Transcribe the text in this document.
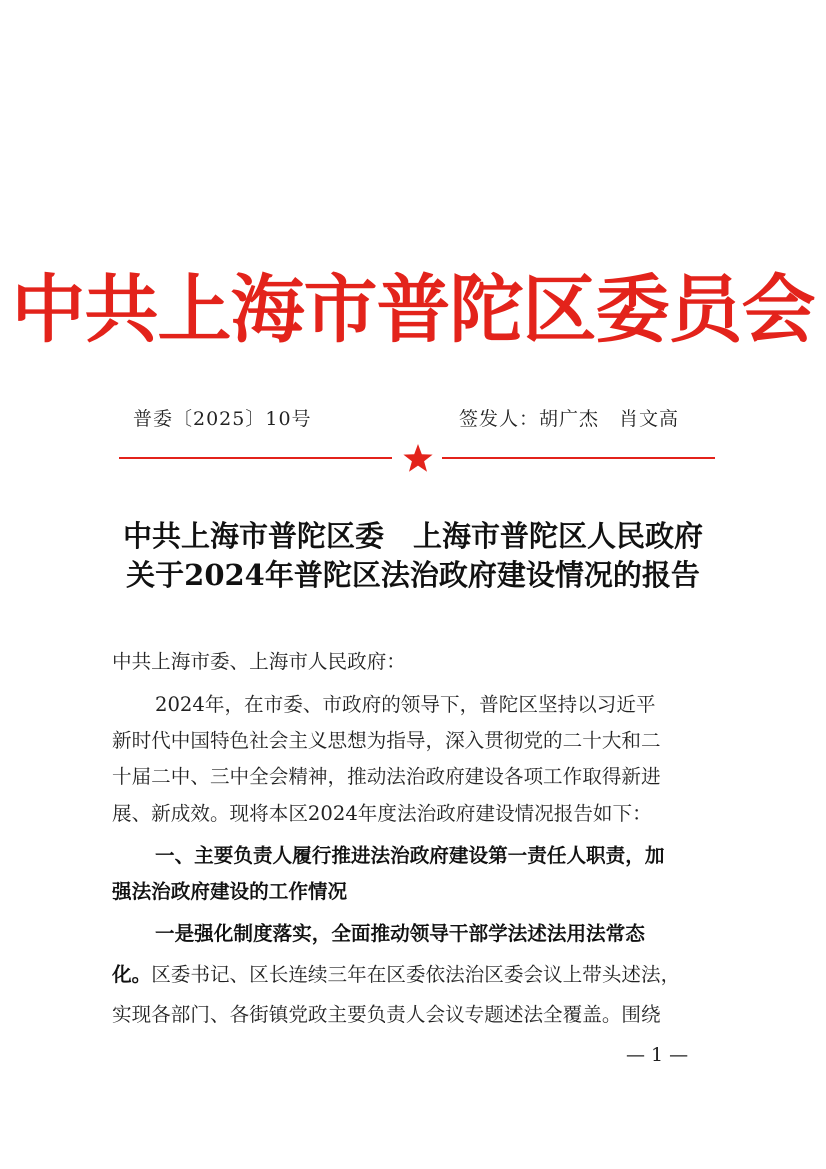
中共上海市普陀区委员会
普委〔2025〕10号	签发人：胡广杰　肖文高
中共上海市普陀区委　上海市普陀区人民政府
关于2024年普陀区法治政府建设情况的报告
中共上海市委、上海市人民政府：
2024年，在市委、市政府的领导下，普陀区坚持以习近平
新时代中国特色社会主义思想为指导，深入贯彻党的二十大和二
十届二中、三中全会精神，推动法治政府建设各项工作取得新进
展、新成效。现将本区2024年度法治政府建设情况报告如下：
一、主要负责人履行推进法治政府建设第一责任人职责，加
强法治政府建设的工作情况
一是强化制度落实，全面推动领导干部学法述法用法常态
化。区委书记、区长连续三年在区委依法治区委会议上带头述法，
实现各部门、各街镇党政主要负责人会议专题述法全覆盖。围绕
— 1 —
